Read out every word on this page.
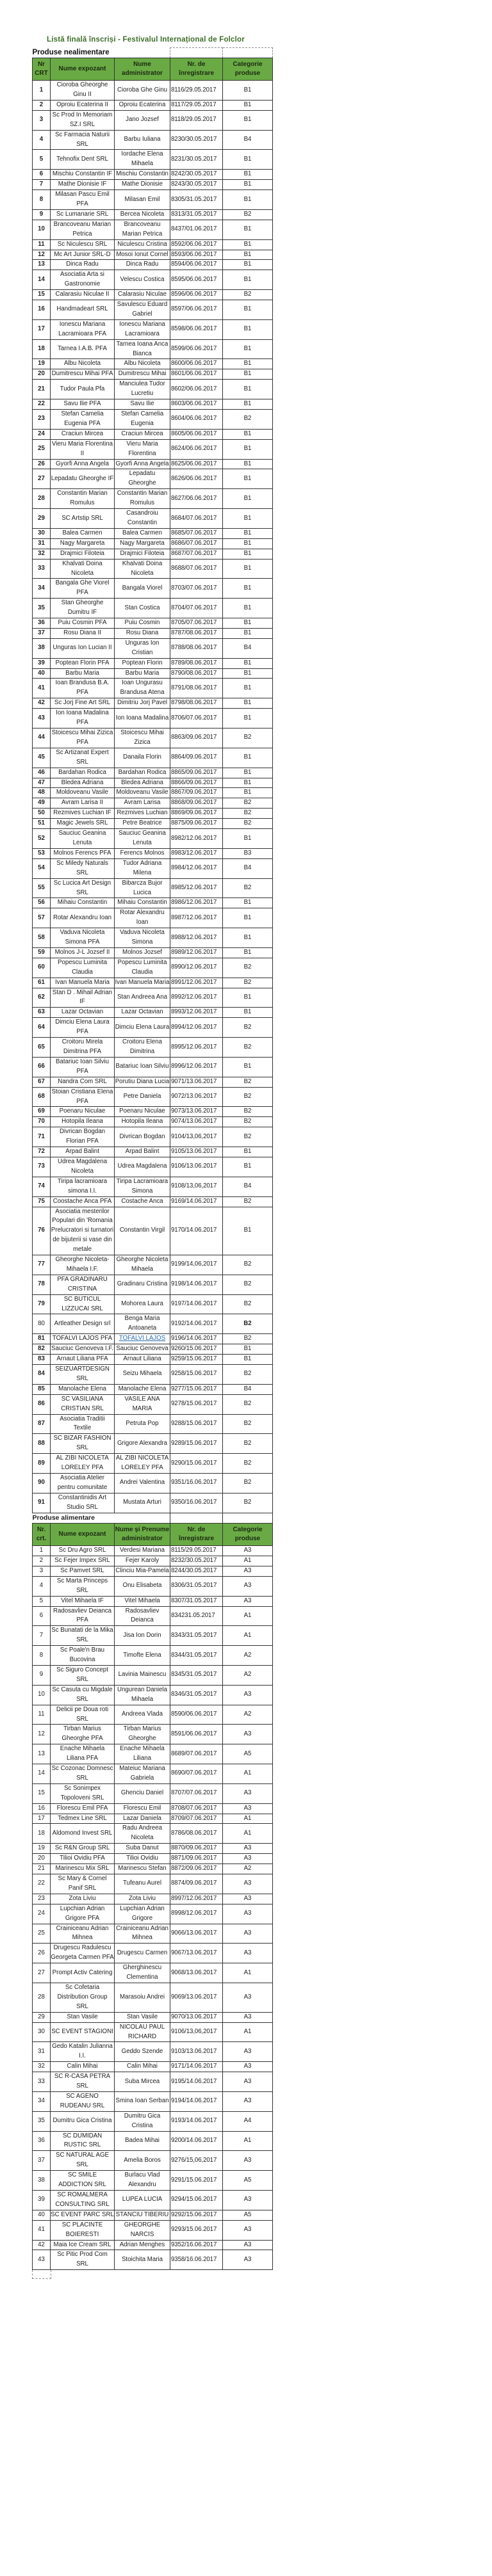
Listă finală înscriși - Festivalul Internațional de Folclor
Produse nealimentare				
Nr CRT	Nume expozant	Nume administrator	Nr. de înregistrare	Categorie produse
1	Cioroba Gheorghe Ginu II	Cioroba Ghe Ginu	8116/29.05.2017	B1
2	Oproiu Ecaterina II	Oproiu Ecaterina	8117/29.05.2017	B1
3	Sc Prod In Memoriam SZ.I SRL	Jano Jozsef	8118/29.05.2017	B1
4	Sc Farmacia Naturii SRL	Barbu Iuliana	8230/30.05.2017	B4
5	Tehnofix Dent SRL	Iordache Elena Mihaela	8231/30.05.2017	B1
6	Mischiu Constantin IF	Mischiu Constantin	8242/30.05.2017	B1
7	Mathe Dionisie IF	Mathe Dionisie	8243/30.05.2017	B1
8	Milasan Pascu Emil PFA	Milasan Emil	8305/31.05.2017	B1
9	Sc Lumanarie SRL	Bercea Nicoleta	8313/31.05.2017	B2
10	Brancoveanu Marian Petrica	Brancoveanu Marian Petrica	8437/01.06.2017	B1
11	Sc Niculescu SRL	Niculescu Cristina	8592/06.06.2017	B1
12	Mc Art Junior SRL-D	Mosoi Ionut Cornel	8593/06.06.2017	B1
13	Dinca Radu	Dinca Radu	8594/06.06.2017	B1
14	Asociatia Arta si Gastronomie	Velescu Costica	8595/06.06.2017	B1
15	Calarasiu Niculae II	Calarasiu Niculae	8596/06.06.2017	B2
16	Handmadeart SRL	Savulescu Eduard Gabriel	8597/06.06.2017	B1
17	Ionescu Mariana Lacramioara PFA	Ionescu Mariana Lacramioara	8598/06.06.2017	B1
18	Tarnea I.A.B. PFA	Tarnea Ioana Anca Bianca	8599/06.06.2017	B1
19	Albu Nicoleta	Albu Nicoleta	8600/06.06.2017	B1
20	Dumitrescu Mihai PFA	Dumitrescu Mihai	8601/06.06.2017	B1
21	Tudor Paula Pfa	Manciulea Tudor Lucretiu	8602/06.06.2017	B1
22	Savu Ilie PFA	Savu Ilie	8603/06.06.2017	B1
23	Stefan Camelia Eugenia PFA	Stefan Camelia Eugenia	8604/06.06.2017	B2
24	Craciun Mircea	Craciun Mircea	8605/06.06.2017	B1
25	Vieru Maria Florentina II	Vieru Maria Florentina	8624/06.06.2017	B1
26	Gyorfi Anna Angela	Gyorfi Anna Angela	8625/06.06.2017	B1
27	Lepadatu Gheorghe IF	Lepadatu Gheorghe	8626/06.06.2017	B1
28	Constantin Marian Romulus	Constantin Marian Romulus	8627/06.06.2017	B1
29	SC Artstip SRL	Casandroiu Constantin	8684/07.06.2017	B1
30	Balea Carmen	Balea Carmen	8685/07.06.2017	B1
31	Nagy Margareta	Nagy Margareta	8686/07.06.2017	B1
32	Drajmici Filoteia	Drajmici Filoteia	8687/07.06.2017	B1
33	Khalvati Doina Nicoleta	Khalvati Doina Nicoleta	8688/07.06.2017	B1
34	Bangala Ghe Viorel PFA	Bangala Viorel	8703/07.06.2017	B1
35	Stan Gheorghe Dumitru IF	Stan Costica	8704/07.06.2017	B1
36	Puiu Cosmin PFA	Puiu Cosmin	8705/07.06.2017	B1
37	Rosu Diana II	Rosu Diana	8787/08.06.2017	B1
38	Unguras Ion Lucian II	Unguras Ion Cristian	8788/08.06.2017	B4
39	Poptean Florin PFA	Poptean Florin	8789/08.06.2017	B1
40	Barbu Maria	Barbu Maria	8790/08.06.2017	B1
41	Ioan Brandusa B.A. PFA	Ioan Ungurasu Brandusa Atena	8791/08.06.2017	B1
42	Sc Jorj Fine Art SRL	Dimitriu Jorj Pavel	8798/08.06.2017	B1
43	Ion Ioana Madalina PFA	Ion Ioana Madalina	8706/07.06.2017	B1
44	Stoicescu Mihai Zizica PFA	Stoicescu Mihai Zizica	8863/09.06.2017	B2
45	Sc Artizanat Expert SRL	Danaila Florin	8864/09.06.2017	B1
46	Bardahan Rodica	Bardahan Rodica	8865/09.06.2017	B1
47	Bledea Adriana	Bledea Adriana	8866/09.06.2017	B1
48	Moldoveanu Vasile	Moldoveanu Vasile	8867/09.06.2017	B1
49	Avram Larisa II	Avram Larisa	8868/09.06.2017	B2
50	Rezmives Luchian IF	Rezmives Luchian	8869/09.06.2017	B2
51	Magic Jewels SRL	Petre Beatrice	8875/09.06.2017	B2
52	Sauciuc Geanina Lenuta	Sauciuc Geanina Lenuta	8982/12.06.2017	B1
53	Molnos Ferencs PFA	Ferencs Molnos	8983/12.06.2017	B3
54	Sc Miledy Naturals SRL	Tudor Adriana Milena	8984/12.06.2017	B4
55	Sc Lucica Art Design SRL	Bibarcza Bujor Lucica	8985/12.06.2017	B2
56	Mihaiu Constantin	Mihaiu Constantin	8986/12.06.2017	B1
57	Rotar Alexandru Ioan	Rotar Alexandru Ioan	8987/12.06.2017	B1
58	Vaduva Nicoleta Simona PFA	Vaduva Nicoleta Simona	8988/12.06.2017	B1
59	Molnos J-L Jozsef II	Molnos Jozsef	8989/12.06.2017	B1
60	Popescu Luminita Claudia	Popescu Luminita Claudia	8990/12.06.2017	B2
61	Ivan Manuela Maria	Ivan Manuela Maria	8991/12.06.2017	B2
62	Stan D . Mihail Adrian IF	Stan Andreea Ana	8992/12.06.2017	B1
63	Lazar Octavian	Lazar Octavian	8993/12.06.2017	B1
64	Dimciu Elena Laura PFA	Dimciu Elena Laura	8994/12.06.2017	B2
65	Croitoru Mirela Dimitrina PFA	Croitoru Elena Dimitrina	8995/12.06.2017	B2
66	Batariuc Ioan Silviu PFA	Batariuc Ioan Silviu	8996/12.06.2017	B1
67	Nandra Com SRL	Porutiu Diana Lucia	9071/13.06.2017	B2
68	Stoian Cristiana Elena PFA	Petre Daniela	9072/13.06.2017	B2
69	Poenaru Niculae	Poenaru Niculae	9073/13.06.2017	B2
70	Hotopila Ileana	Hotopila Ileana	9074/13.06.2017	B2
71	Divrican Bogdan Florian PFA	Divrican Bogdan	9104/13,06,2017	B2
72	Arpad Balint	Arpad Balint	9105/13.06.2017	B1
73	Udrea Magdalena Nicoleta	Udrea Magdalena	9106/13.06.2017	B1
74	Tiripa lacramioara simona I.I.	Tiripa Lacramioara Simona	9108/13,06,2017	B4
75	Coostache Anca PFA	Costache Anca	9169/14.06.2017	B2
76	Asociatia mesterilor Populari din 'Romania Prelucratori si turnatori de bijuterii si vase din metale	Constantin Virgil	9170/14.06.2017	B1
77	Gheorghe Nicoleta-Mihaela I.F.	Gheorghe Nicoleta Mihaela	9199/14,06,2017	B2
78	PFA GRADINARU CRISTINA	Gradinaru Cristina	9198/14.06.2017	B2
79	SC BUTICUL LIZZUCAI SRL	Mohorea Laura	9197/14.06.2017	B2
80	Artleather Design srl	Benga Maria Antoaneta	9192/14.06.2017	B2
81	TOFALVI LAJOS PFA	TOFALVI LAJOS	9196/14.06.2017	B2
82	Sauciuc Genoveva I.F.	Sauciuc Genoveva	9260/15.06.2017	B1
83	Arnaut Liliana PFA	Arnaut Liliana	9259/15.06.2017	B1
84	SEIZUARTDESIGN SRL	Seizu Mihaela	9258/15.06.2017	B2
85	Manolache Elena	Manolache Elena	9277/15.06.2017	B4
86	SC VASILIANA CRISTIAN SRL	VASILE ANA MARIA	9278/15.06.2017	B2
87	Asociatia Traditii Textile	Petruta Pop	9288/15.06.2017	B2
88	SC BIZAR FASHION SRL	Grigore Alexandra	9289/15.06.2017	B2
89	AL ZIBI NICOLETA LORELEY PFA	AL ZIBI NICOLETA LORELEY PFA	9290/15.06.2017	B2
90	Asociatia Atelier pentru comunitate	Andrei Valentina	9351/16.06.2017	B2
91	Constantinidis Art Studio SRL	Mustata Arturi	9350/16.06.2017	B2
Produse alimentare				
Nr. crt.	Nume expozant	Nume și Prenume administrator	Nr. de înregistrare	Categorie produse
1	Sc Dru Agro SRL	Verdesi Mariana	8115/29.05.2017	A3
2	Sc Fejer Impex SRL	Fejer Karoly	8232/30.05.2017	A1
3	Sc Pamvet SRL	Clinciu Mia-Pamela	8244/30.05.2017	A3
4	Sc Marta Princeps SRL	Onu Elisabeta	8306/31.05.2017	A3
5	Vitel Mihaela IF	Vitel Mihaela	8307/31.05.2017	A3
6	Radosavliev Deianca PFA	Radosavliev Deianca	834231.05.2017	A1
7	Sc Bunatati de la Mika SRL	Jisa Ion Dorin	8343/31.05.2017	A1
8	Sc Poale'n Brau Bucovina	Timofte Elena	8344/31.05.2017	A2
9	Sc Siguro Concept SRL	Lavinia Mainescu	8345/31.05.2017	A2
10	Sc Casuta cu Migdale SRL	Ungurean Daniela Mihaela	8346/31.05.2017	A3
11	Delicii pe Doua roti SRL	Andreea Vlada	8590/06.06.2017	A2
12	Tirban Marius Gheorghe PFA	Tirban Marius Gheorghe	8591/06.06.2017	A3
13	Enache Mihaela Liliana PFA	Enache Mihaela Liliana	8689/07.06.2017	A5
14	Sc Cozonac Domnesc SRL	Mateiuc Mariana Gabriela	8690/07.06.2017	A1
15	Sc Sonimpex Topoloveni SRL	Ghenciu Daniel	8707/07.06.2017	A3
16	Florescu Emil PFA	Florescu Emil	8708/07.06.2017	A3
17	Tedmex Line SRL	Lazar Daniela	8709/07.06.2017	A1
18	Aldomond Invest SRL	Radu Andreea Nicoleta	8786/08.06.2017	A1
19	Sc R&N Group SRL	Suba Danut	8870/09.06.2017	A3
20	Tilioi Ovidiu PFA	Tilioi Ovidiu	8871/09.06.2017	A3
21	Marinescu Mix SRL	Marinescu Stefan	8872/09.06.2017	A2
22	Sc Mary & Cornel Panif SRL	Tufeanu Aurel	8874/09.06.2017	A3
23	Zota Liviu	Zota Liviu	8997/12.06.2017	A3
24	Lupchian Adrian Grigore PFA	Lupchian Adrian Grigore	8998/12.06.2017	A3
25	Crainiceanu Adrian Mihnea	Crainiceanu Adrian Mihnea	9066/13.06.2017	A3
26	Drugescu Radulescu Georgeta Carmen PFA	Drugescu Carmen	9067/13.06.2017	A3
27	Prompt Activ Catering	Gherghinescu Clementina	9068/13.06.2017	A1
28	Sc Cofetaria Distribution Group SRL	Marasoiu Andrei	9069/13.06.2017	A3
29	Stan Vasile	Stan Vasile	9070/13.06.2017	A3
30	SC EVENT STAGIONI	NICOLAU PAUL RICHARD	9106/13,06,2017	A1
31	Gedo Katalin Julianna I.I.	Geddo Szende	9103/13.06.2017	A3
32	Calin Mihai	Calin Mihai	9171/14.06.2017	A3
33	SC R-CASA PETRA SRL	Suba Mircea	9195/14.06.2017	A3
34	SC AGENO RUDEANU SRL	Smina Ioan Serban	9194/14.06.2017	A3
35	Dumitru Gica Cristina	Dumitru Gica Cristina	9193/14.06.2017	A4
36	SC DUMIDAN RUSTIC SRL	Badea Mihai	9200/14.06.2017	A1
37	SC NATURAL AGE SRL	Amelia Boros	9276/15,06,2017	A3
38	SC SMILE ADDICTION SRL	Burlacu Vlad Alexandru	9291/15.06.2017	A5
39	SC ROMALMERA CONSULTING SRL	LUPEA LUCIA	9294/15.06.2017	A3
40	SC EVENT PARC SRL	STANCIU TIBERIU	9292/15.06.2017	A5
41	SC PLACINTE BOIERESTI	GHEORGHE NARCIS	9293/15.06.2017	A3
42	Maia Ice Cream SRL	Adrian Menghes	9352/16.06.2017	A3
43	Sc Pitic Prod Com SRL	Stoichita Maria	9358/16.06.2017	A3
